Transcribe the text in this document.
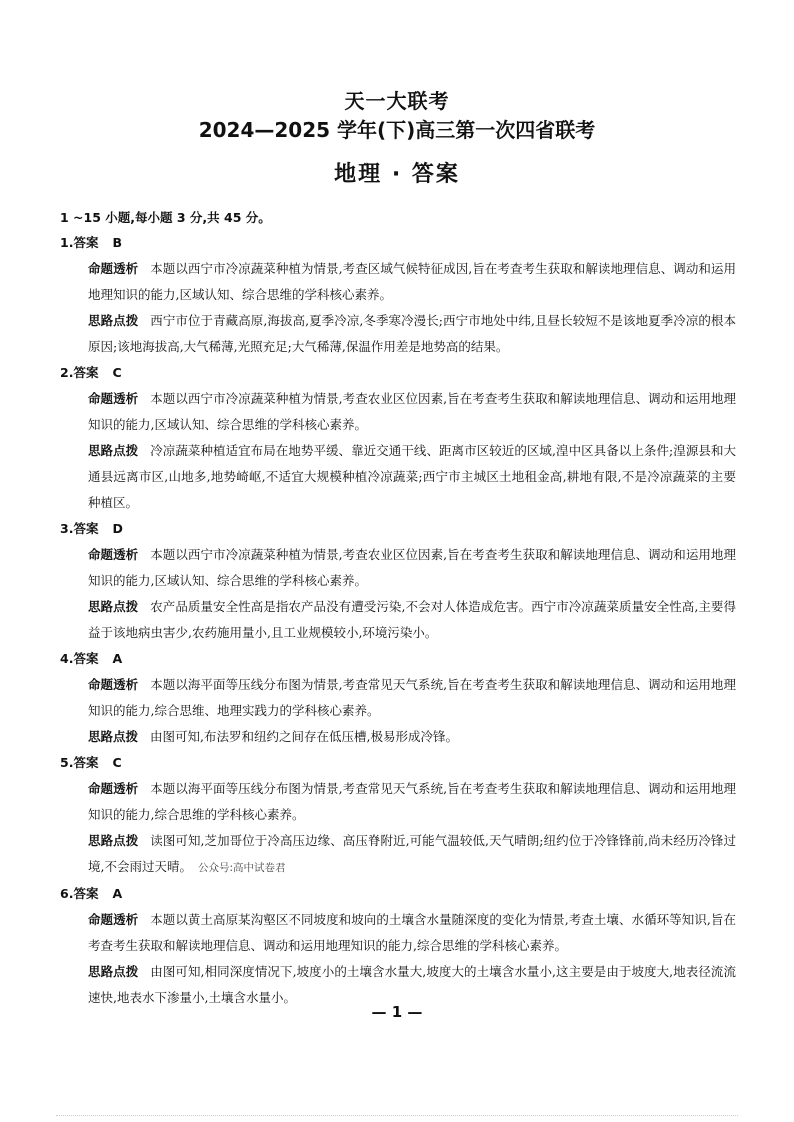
天一大联考
2024—2025 学年(下)高三第一次四省联考
地理 · 答案
1 ~15 小题,每小题 3 分,共 45 分。
1.答案 B
命题透析 本题以西宁市冷凉蔬菜种植为情景,考查区域气候特征成因,旨在考查考生获取和解读地理信息、调动和运用地理知识的能力,区域认知、综合思维的学科核心素养。
思路点拨 西宁市位于青藏高原,海拔高,夏季冷凉,冬季寒冷漫长;西宁市地处中纬,且昼长较短不是该地夏季冷凉的根本原因;该地海拔高,大气稀薄,光照充足;大气稀薄,保温作用差是地势高的结果。
2.答案 C
命题透析 本题以西宁市冷凉蔬菜种植为情景,考查农业区位因素,旨在考查考生获取和解读地理信息、调动和运用地理知识的能力,区域认知、综合思维的学科核心素养。
思路点拨 冷凉蔬菜种植适宜布局在地势平缓、靠近交通干线、距离市区较近的区域,湟中区具备以上条件;湟源县和大通县远离市区,山地多,地势崎岖,不适宜大规模种植冷凉蔬菜;西宁市主城区土地租金高,耕地有限,不是冷凉蔬菜的主要种植区。
3.答案 D
命题透析 本题以西宁市冷凉蔬菜种植为情景,考查农业区位因素,旨在考查考生获取和解读地理信息、调动和运用地理知识的能力,区域认知、综合思维的学科核心素养。
思路点拨 农产品质量安全性高是指农产品没有遭受污染,不会对人体造成危害。西宁市冷凉蔬菜质量安全性高,主要得益于该地病虫害少,农药施用量小,且工业规模较小,环境污染小。
4.答案 A
命题透析 本题以海平面等压线分布图为情景,考查常见天气系统,旨在考查考生获取和解读地理信息、调动和运用地理知识的能力,综合思维、地理实践力的学科核心素养。
思路点拨 由图可知,布法罗和纽约之间存在低压槽,极易形成冷锋。
5.答案 C
命题透析 本题以海平面等压线分布图为情景,考查常见天气系统,旨在考查考生获取和解读地理信息、调动和运用地理知识的能力,综合思维的学科核心素养。
思路点拨 读图可知,芝加哥位于冷高压边缘、高压脊附近,可能气温较低,天气晴朗;纽约位于冷锋锋前,尚未经历冷锋过境,不会雨过天晴。 公众号:高中试卷君
6.答案 A
命题透析 本题以黄土高原某沟壑区不同坡度和坡向的土壤含水量随深度的变化为情景,考查土壤、水循环等知识,旨在考查考生获取和解读地理信息、调动和运用地理知识的能力,综合思维的学科核心素养。
思路点拨 由图可知,相同深度情况下,坡度小的土壤含水量大,坡度大的土壤含水量小,这主要是由于坡度大,地表径流流速快,地表水下渗量小,土壤含水量小。
— 1 —
